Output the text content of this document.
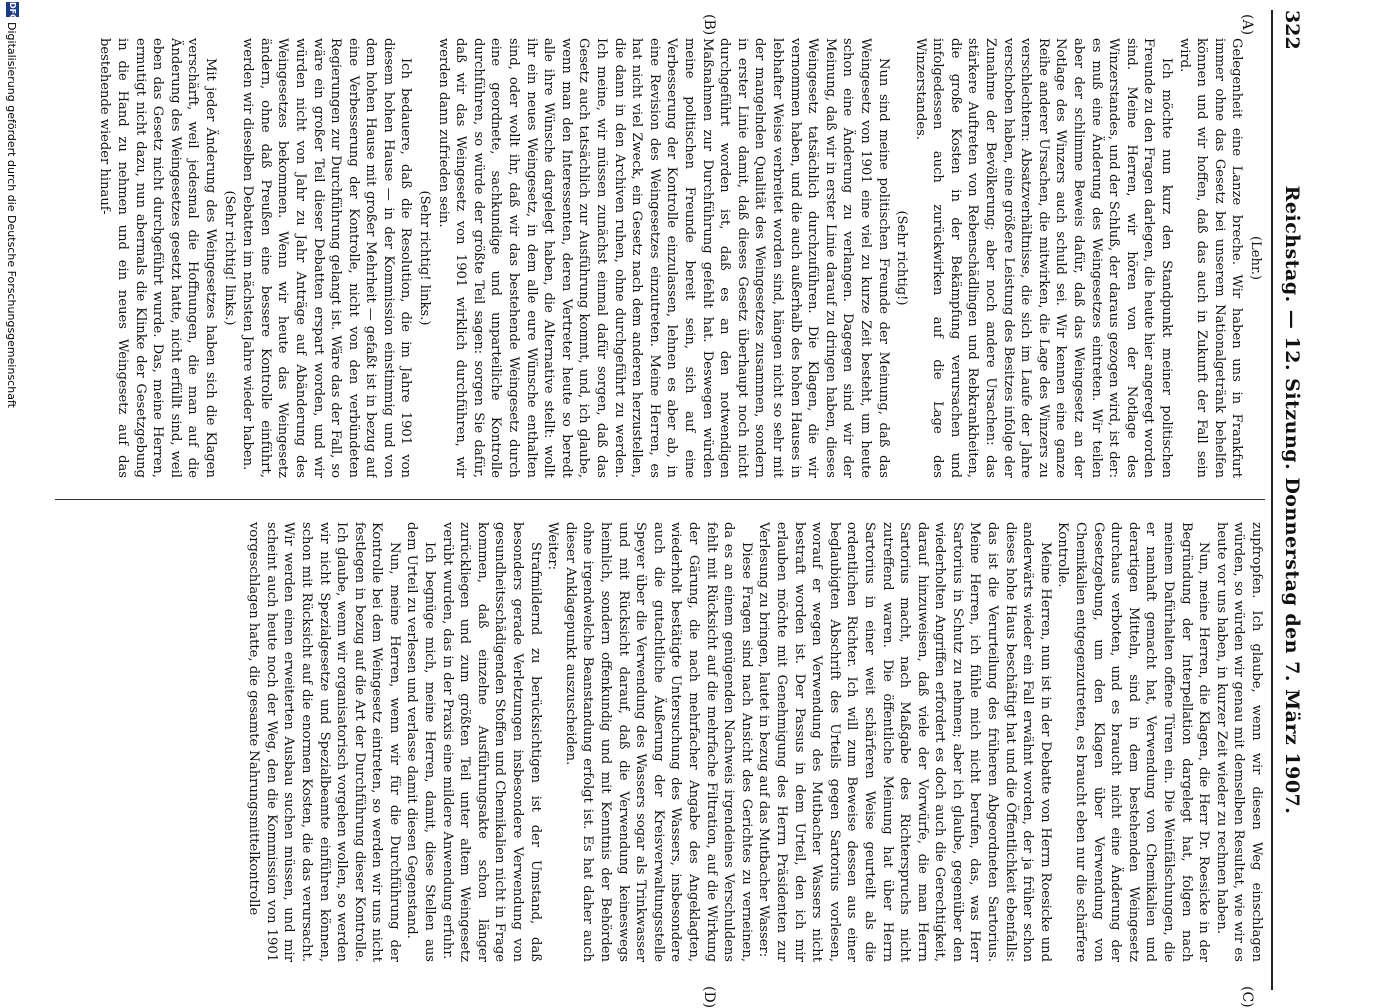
322
Reichstag. — 12. Sitzung. Donnerstag den 7. März 1907.
(A)
(B)
(C)
(D)

(Lehr.)

Gelegenheit eine Lanze breche. Wir haben uns in Frankfurt immer ohne das Gesetz bei unserem Nationalgetränk behelfen können und wir hoffen, daß das auch in Zukunft der Fall sein wird.

Ich möchte nun kurz den Standpunkt meiner politischen Freunde zu den Fragen darlegen, die heute hier angeregt worden sind. Meine Herren, wir hören von der Notlage des Winzerstandes, und der Schluß, der daraus gezogen wird, ist der: es muß eine Änderung des Weingesetzes eintreten. Wir teilen aber der schlimme Beweis dafür, daß das Weingesetz an der Notlage des Winzers auch schuld sei. Wir kennen eine ganze Reihe anderer Ursachen, die mitwirken, die Lage des Winzers zu verschlechtern: Absatzverhältnisse, die sich im Laufe der Jahre verschoben haben, eine größere Leistung des Besitzes infolge der Zunahme der Bevölkerung; aber noch andere Ursachen: das stärkere Auftreten von Rebenschädlingen und Rebkrankheiten, die große Kosten in der Bekämpfung verursachen und infolgedessen auch zurückwirken auf die Lage des Winzerstandes.

(Sehr richtig!)

Nun sind meine politischen Freunde der Meinung, daß das Weingesetz von 1901 eine viel zu kurze Zeit besteht, um heute schon eine Änderung zu verlangen. Dagegen sind wir der Meinung, daß wir in erster Linie darauf zu dringen haben, dieses Weingesetz tatsächlich durchzuführen. Die Klagen, die wir vernommen haben, und die auch außerhalb des hohen Hauses in lebhafter Weise verbreitet worden sind, hängen nicht so sehr mit der mangelnden Qualität des Weingesetzes zusammen, sondern in erster Linie damit, daß dieses Gesetz überhaupt noch nicht durchgeführt worden ist, daß es an den notwendigen Maßnahmen zur Durchführung gefehlt hat. Deswegen würden meine politischen Freunde bereit sein, sich auf eine Verbesserung der Kontrolle einzulassen, lehnen es aber ab, in eine Revision des Weingesetzes einzutreten. Meine Herren, es hat nicht viel Zweck, ein Gesetz nach dem anderen herzustellen, die dann in den Archiven ruhen, ohne durchgeführt zu werden. Ich meine, wir müssen zunächst einmal dafür sorgen, daß das Gesetz auch tatsächlich zur Ausführung kommt, und, ich glaube, wenn man den Interessenten, deren Vertreter heute so beredt alle ihre Wünsche dargelegt haben, die Alternative stellt: wollt ihr ein neues Weingesetz, in dem alle eure Wünsche enthalten sind, oder wollt ihr, daß wir das bestehende Weingesetz durch eine geordnete, sachkundige und unparteiliche Kontrolle durchführen, so würde der größte Teil sagen: sorgen Sie dafür, daß wir das Weingesetz von 1901 wirklich durchführen, wir werden dann zufrieden sein.

(Sehr richtig! links.)

Ich bedauere, daß die Resolution, die im Jahre 1901 von diesem hohen Hause — in der Kommission einstimmig und von dem hohen Hause mit großer Mehrheit — gefaßt ist in bezug auf eine Verbesserung der Kontrolle, nicht von den verbündeten Regierungen zur Durchführung gelangt ist. Wäre das der Fall, so wäre ein großer Teil dieser Debatten erspart worden, und wir würden nicht von Jahr zu Jahr Anträge auf Abänderung des Weingesetzes bekommen. Wenn wir heute das Weingesetz ändern, ohne daß Preußen eine bessere Kontrolle einführt, werden wir dieselben Debatten im nächsten Jahre wieder haben.

(Sehr richtig! links.)

Mit jeder Änderung des Weingesetzes haben sich die Klagen verschärft, weil jedesmal die Hoffnungen, die man auf die Änderung des Weingesetzes gesetzt hatte, nicht erfüllt sind, weil eben das Gesetz nicht durchgeführt wurde. Das, meine Herren, ermutigt nicht dazu, nun abermals die Klinke der Gesetzgebung in die Hand zu nehmen und ein neues Weingesetz auf das bestehende wieder hinauf-

zupfropfen. Ich glaube, wenn wir diesen Weg einschlagen würden, so würden wir genau mit demselben Resultat, wie wir es heute vor uns haben, in kurzer Zeit wieder zu rechnen haben.

Nun, meine Herren, die Klagen, die Herr Dr. Roesicke in der Begründung der Interpellation dargelegt hat, folgen nach meinem Dafürhalten offene Türen ein. Die Weinfälschungen, die er namhaft gemacht hat, Verwendung von Chemikalien und derartigen Mitteln, sind in dem bestehenden Weingesetz durchaus verboten, und es braucht nicht eine Änderung der Gesetzgebung, um den Klagen über Verwendung von Chemikalien entgegenzutreten, es braucht eben nur die schärfere Kontrolle.

Meine Herren, nun ist in der Debatte von Herrn Roesicke und anderwärts wieder ein Fall erwähnt worden, der ja früher schon dieses hohe Haus beschäftigt hat und die Öffentlichkeit ebenfalls: das ist die Verurteilung des früheren Abgeordneten Sartorius. Meine Herren, ich fühle mich nicht berufen, das, was Herr Sartorius in Schutz zu nehmen; aber ich glaube, gegenüber den wiederholten Angriffen erfordert es doch auch die Gerechtigkeit, darauf hinzuweisen, daß viele der Vorwürfe, die man Herrn Sartorius macht, nach Maßgabe des Richterspruchs nicht zutreffend waren. Die öffentliche Meinung hat über Herrn Sartorius in einer weit schärferen Weise geurteilt als die ordentlichen Richter. Ich will zum Beweise dessen aus einer beglaubigten Abschrift des Urteils gegen Sartorius vorlesen, worauf er wegen Verwendung des Mutbacher Wassers nicht bestraft worden ist. Der Passus in dem Urteil, den ich mir erlauben möchte mit Genehmigung des Herrn Präsidenten zur Verlesung zu bringen, lautet in bezug auf das Mutbacher Wasser:

Diese Fragen sind nach Ansicht des Gerichtes zu verneinen, da es an einem genügenden Nachweis irgendeines Verschuldens fehlt mit Rücksicht auf die mehrfache Filtration, auf die Wirkung der Gärung, die nach mehrfacher Angabe des Angeklagten, wiederholt bestätigte Untersuchung des Wassers, insbesondere auch die gutachtliche Äußerung der Kreisverwaltungsstelle Speyer über die Verwendung des Wassers sogar als Trinkwasser und mit Rücksicht darauf, daß die Verwendung keineswegs heimlich, sondern offenkundig und mit Kenntnis der Behörden ohne irgendwelche Beanstandung erfolgt ist. Es hat daher auch dieser Anklagepunkt auszuscheiden.

Weiter:

Strafmildernd zu berücksichtigen ist der Umstand, daß besonders gerade Verletzungen insbesondere Verwendung von gesundheitsschädigenden Stoffen und Chemikalien nicht in Frage kommen, daß einzelne Ausführungsakte schon länger zurückliegen und zum größten Teil unter altem Weingesetz verübt wurden, das in der Praxis eine mildere Anwendung erfuhr.

Ich begnüge mich, meine Herren, damit, diese Stellen aus dem Urteil zu verlesen und verlasse damit diesen Gegenstand.

Nun, meine Herren, wenn wir für die Durchführung der Kontrolle bei dem Weingesetz eintreten, so werden wir uns nicht festlegen in bezug auf die Art der Durchführung dieser Kontrolle. Ich glaube, wenn wir organisatorisch vorgehen wollen, so werden wir nicht Spezialgesetze und Spezialbeamte einführen können, schon mit Rücksicht auf die enormen Kosten, die das verursacht. Wir werden einen erweiterten Ausbau suchen müssen, und mir scheint auch heute noch der Weg, den die Kommission von 1901 vorgeschlagen hatte, die gesamte Nahrungsmittelkontrolle

DFG
Digitalisierung gefördert durch die Deutsche Forschungsgemeinschaft
